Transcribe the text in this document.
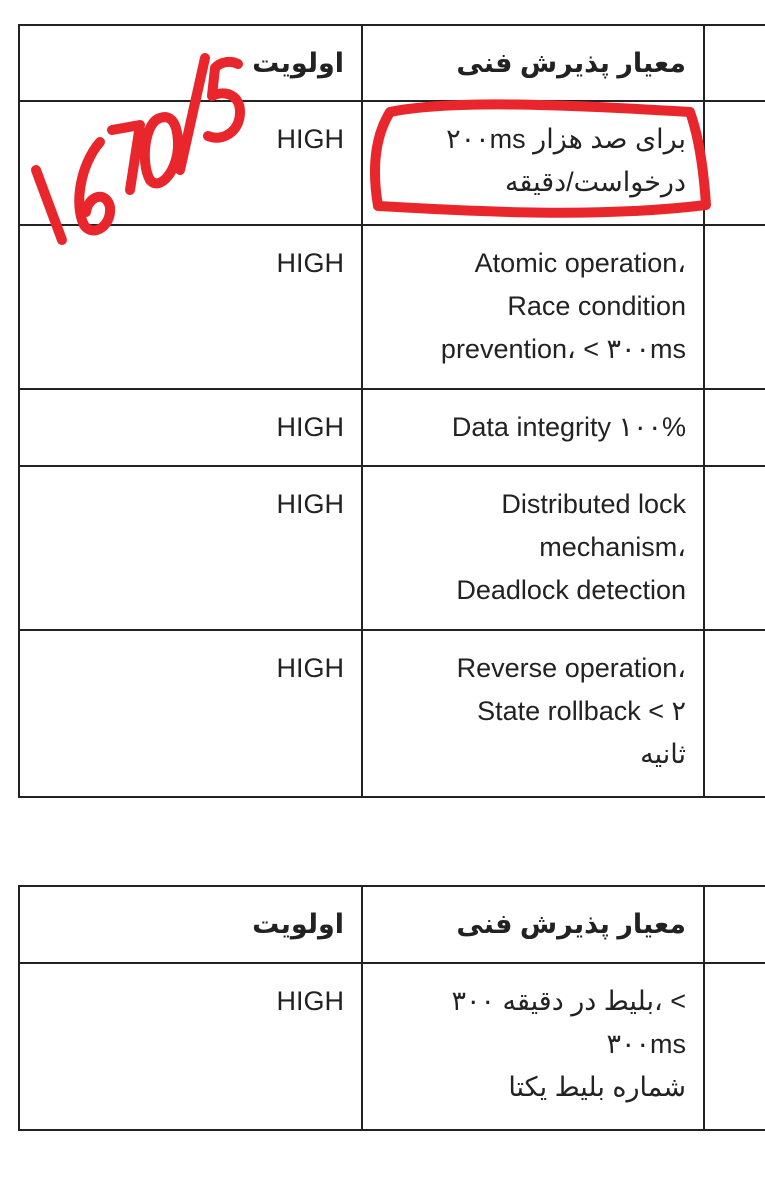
اولویت	معیار پذیرش فنی	
HIGH	‏۲۰۰ms برای صد هزار
درخواست/دقیقه	
HIGH	Atomic operation،
Race condition
prevention، < ۳۰۰ms	
HIGH	Data integrity ۱۰۰%	
HIGH	Distributed lock
mechanism،
Deadlock detection	
HIGH	Reverse operation،
State rollback < ۲
ثانیه	
اولویت	معیار پذیرش فنی	
HIGH	۳۰۰ بلیط در دقیقه، <
۳۰۰ms
شماره بلیط یکتا	
